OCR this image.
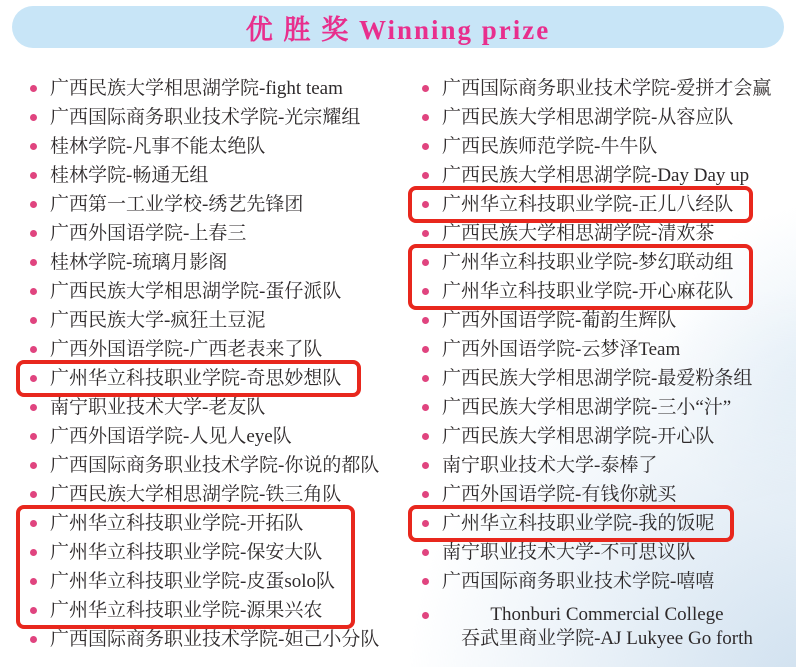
优 胜 奖 Winning prize
广西民族大学相思湖学院-fight team
广西国际商务职业技术学院-光宗耀组
桂林学院-凡事不能太绝队
桂林学院-畅通无组
广西第一工业学校-绣艺先锋团
广西外国语学院-上春三
桂林学院-琉璃月影阁
广西民族大学相思湖学院-蛋仔派队
广西民族大学-疯狂土豆泥
广西外国语学院-广西老表来了队
广州华立科技职业学院-奇思妙想队
南宁职业技术大学-老友队
广西外国语学院-人见人eye队
广西国际商务职业技术学院-你说的都队
广西民族大学相思湖学院-铁三角队
广州华立科技职业学院-开拓队
广州华立科技职业学院-保安大队
广州华立科技职业学院-皮蛋solo队
广州华立科技职业学院-源果兴农
广西国际商务职业技术学院-妲己小分队
广西国际商务职业技术学院-爱拼才会赢
广西民族大学相思湖学院-从容应队
广西民族师范学院-牛牛队
广西民族大学相思湖学院-Day Day up
广州华立科技职业学院-正儿八经队
广西民族大学相思湖学院-清欢茶
广州华立科技职业学院-梦幻联动组
广州华立科技职业学院-开心麻花队
广西外国语学院-葡韵生辉队
广西外国语学院-云梦泽Team
广西民族大学相思湖学院-最爱粉条组
广西民族大学相思湖学院-三小“汁”
广西民族大学相思湖学院-开心队
南宁职业技术大学-泰棒了
广西外国语学院-有钱你就买
广州华立科技职业学院-我的饭呢
南宁职业技术大学-不可思议队
广西国际商务职业技术学院-嘻嘻
Thonburi Commercial College
吞武里商业学院-AJ Lukyee Go forth
